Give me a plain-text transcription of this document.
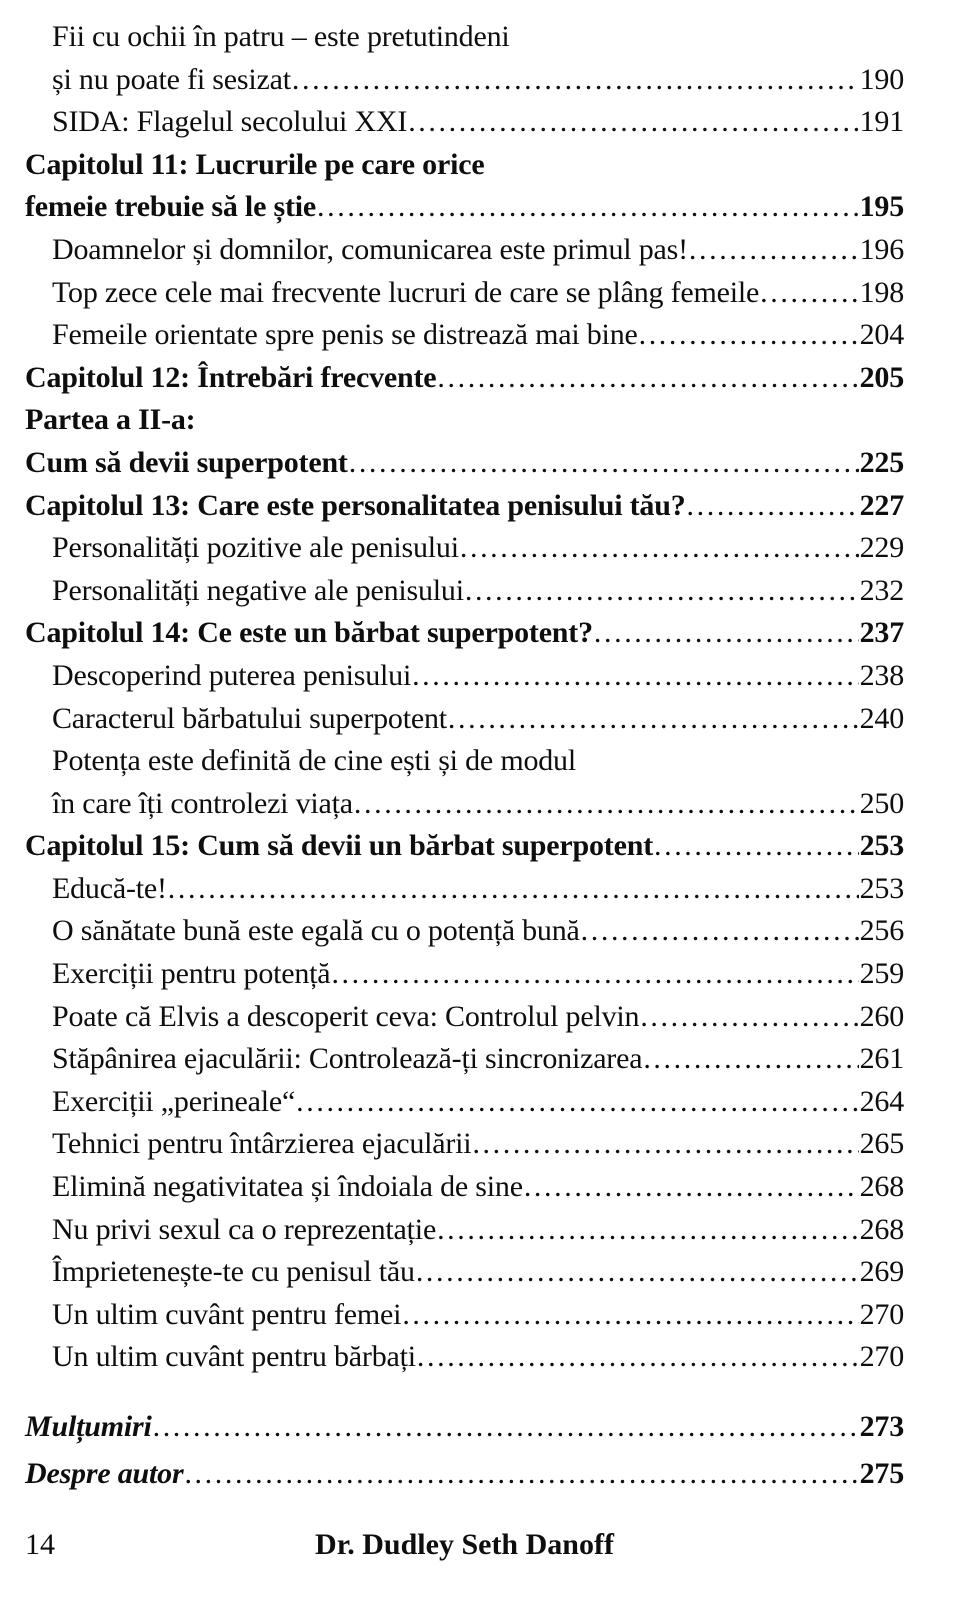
Fii cu ochii în patru – este pretutindeni
și nu poate fi sesizat .....	190
SIDA: Flagelul secolului XXI .....	191
Capitolul 11: Lucrurile pe care orice
femeie trebuie să le știe .....	195
Doamnelor și domnilor, comunicarea este primul pas! .....	196
Top zece cele mai frecvente lucruri de care se plâng femeile .....	198
Femeile orientate spre penis se distrează mai bine .....	204
Capitolul 12: Întrebări frecvente .....	205
Partea a II-a:
Cum să devii superpotent .....	225
Capitolul 13: Care este personalitatea penisului tău? .....	227
Personalități pozitive ale penisului .....	229
Personalități negative ale penisului .....	232
Capitolul 14: Ce este un bărbat superpotent? .....	237
Descoperind puterea penisului .....	238
Caracterul bărbatului superpotent .....	240
Potența este definită de cine ești și de modul
în care îți controlezi viața .....	250
Capitolul 15: Cum să devii un bărbat superpotent .....	253
Educă-te! .....	253
O sănătate bună este egală cu o potență bună .....	256
Exerciții pentru potență .....	259
Poate că Elvis a descoperit ceva: Controlul pelvin .....	260
Stăpânirea ejaculării: Controlează-ți sincronizarea .....	261
Exerciții „perineale“ .....	264
Tehnici pentru întârzierea ejaculării .....	265
Elimină negativitatea și îndoiala de sine .....	268
Nu privi sexul ca o reprezentație .....	268
Împrietenește-te cu penisul tău .....	269
Un ultim cuvânt pentru femei .....	270
Un ultim cuvânt pentru bărbați .....	270
Mulțumiri .....	273
Despre autor .....	275
14	Dr. Dudley Seth Danoff
